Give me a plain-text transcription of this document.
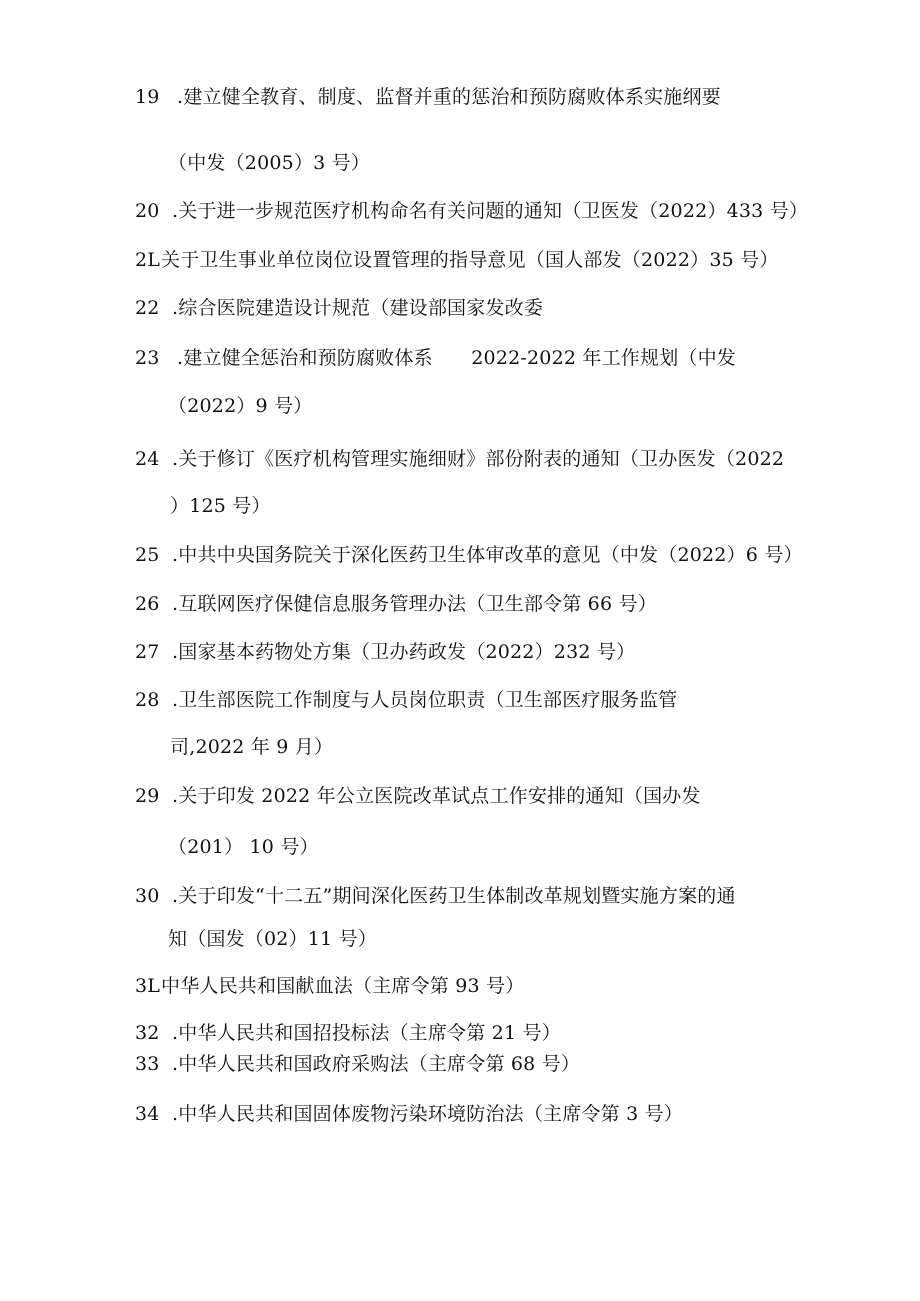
19 .建立健全教育、制度、监督并重的惩治和预防腐败体系实施纲要
（中发（2005）3 号）
20 .关于进一步规范医疗机构命名有关问题的通知（卫医发（2022）433 号）
2L关于卫生事业单位岗位设置管理的指导意见（国人部发（2022）35 号）
22 .综合医院建造设计规范（建设部国家发改委
23 .建立健全惩治和预防腐败体系　　2022-2022 年工作规划（中发
（2022）9 号）
24 .关于修订《医疗机构管理实施细财》部份附表的通知（卫办医发（2022
）125 号）
25 .中共中央国务院关于深化医药卫生体审改革的意见（中发（2022）6 号）
26 .互联网医疗保健信息服务管理办法（卫生部令第 66 号）
27 .国家基本药物处方集（卫办药政发（2022）232 号）
28 .卫生部医院工作制度与人员岗位职责（卫生部医疗服务监管
司,2022 年 9 月）
29 .关于印发 2022 年公立医院改革试点工作安排的通知（国办发
（201） 10 号）
30 .关于印发“十二五”期间深化医药卫生体制改革规划暨实施方案的通
知（国发（02）11 号）
3L中华人民共和国献血法（主席令第 93 号）
32 .中华人民共和国招投标法（主席令第 21 号）
33 .中华人民共和国政府采购法（主席令第 68 号）
34 .中华人民共和国固体废物污染环境防治法（主席令第 3 号）
